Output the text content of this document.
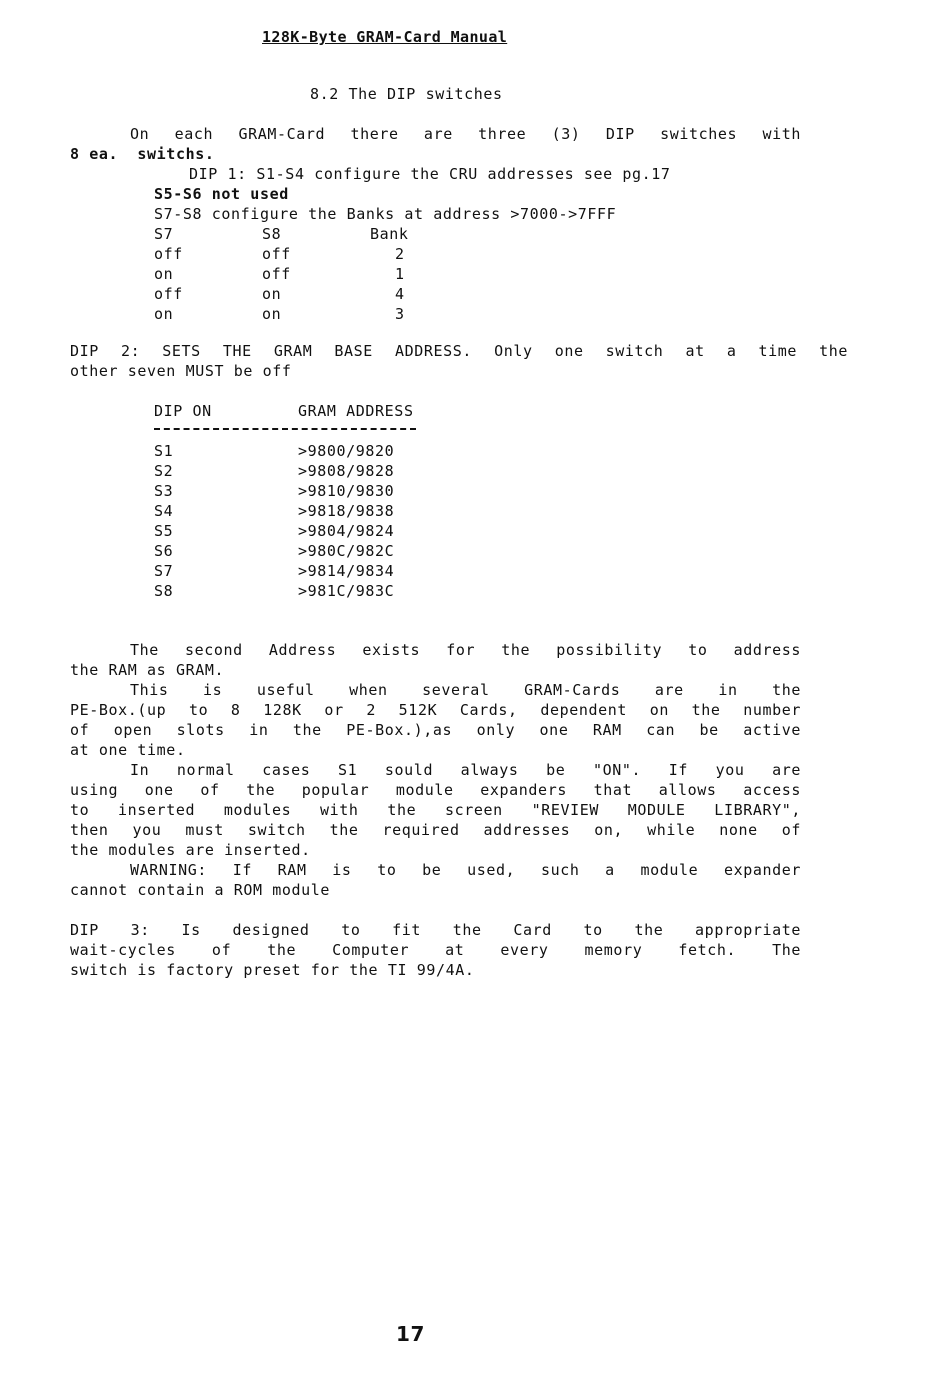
128K-Byte GRAM-Card Manual
8.2 The DIP switches
On each GRAM-Card there are three (3) DIP switches with
8 ea.  switchs.
DIP 1: S1-S4 configure the CRU addresses see pg.17
S5-S6 not used
S7-S8 configure the Banks at address >7000->7FFF
S7	S8	Bank
off	off	2
on	off	1
off	on	4
on	on	3
DIP 2: SETS THE GRAM BASE ADDRESS. Only one switch at a time the
other seven MUST be off
DIP ON	GRAM ADDRESS
S1	>9800/9820
S2	>9808/9828
S3	>9810/9830
S4	>9818/9838
S5	>9804/9824
S6	>980C/982C
S7	>9814/9834
S8	>981C/983C
The second Address exists for the possibility to address
the RAM as GRAM.
This is useful when several GRAM-Cards are in the
PE-Box.(up to 8 128K or 2 512K Cards, dependent on the number
of open slots in the PE-Box.),as only one RAM can be active
at one time.
In normal cases S1 sould always be "ON". If you are
using one of the popular module expanders that allows access
to inserted modules with the screen "REVIEW MODULE LIBRARY",
then you must switch the required addresses on, while none of
the modules are inserted.
WARNING: If RAM is to be used, such a module expander
cannot contain a ROM module
DIP 3: Is designed to fit the Card to the appropriate
wait-cycles of the Computer at every memory fetch. The
switch is factory preset for the TI 99/4A.
17
